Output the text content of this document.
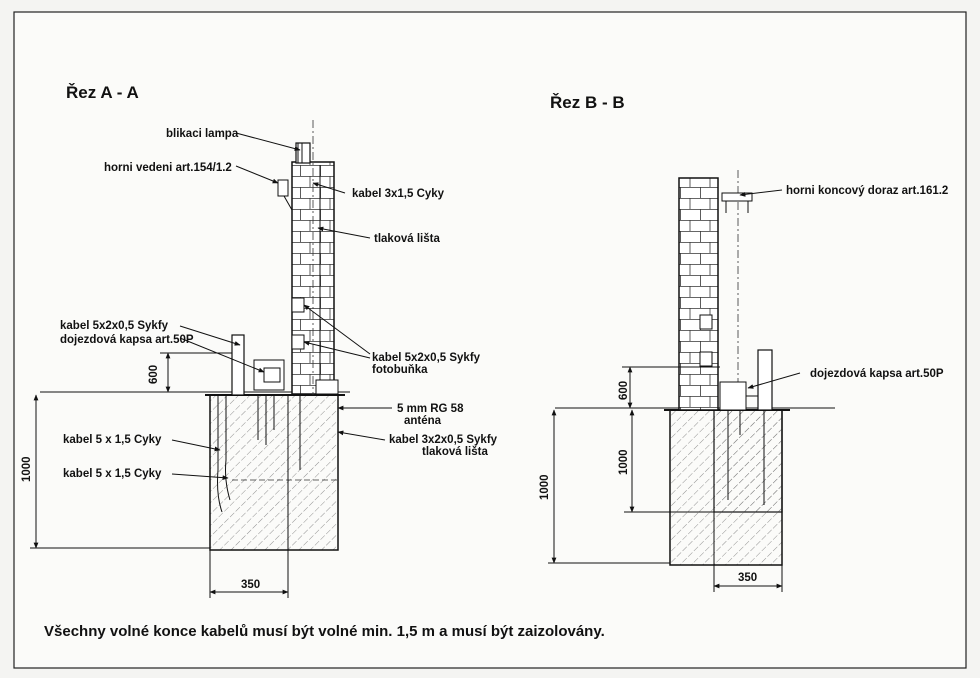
Řez A - A
blikaci lampa
horni vedeni art.154/1.2
kabel 3x1,5 Cyky
tlaková lišta
kabel 5x2x0,5 Sykfy
dojezdová kapsa art.50P
kabel 5x2x0,5 Sykfy
fotobuňka
5 mm RG 58
anténa
kabel 3x2x0,5 Sykfy
tlaková lišta
kabel 5 x 1,5 Cyky
kabel 5 x 1,5 Cyky
600
1000
350
Řez B - B
horni koncový doraz art.161.2
dojezdová kapsa art.50P
600
1000
1000
350
Všechny volné konce kabelů musí být volné min. 1,5 m a musí být zaizolovány.
